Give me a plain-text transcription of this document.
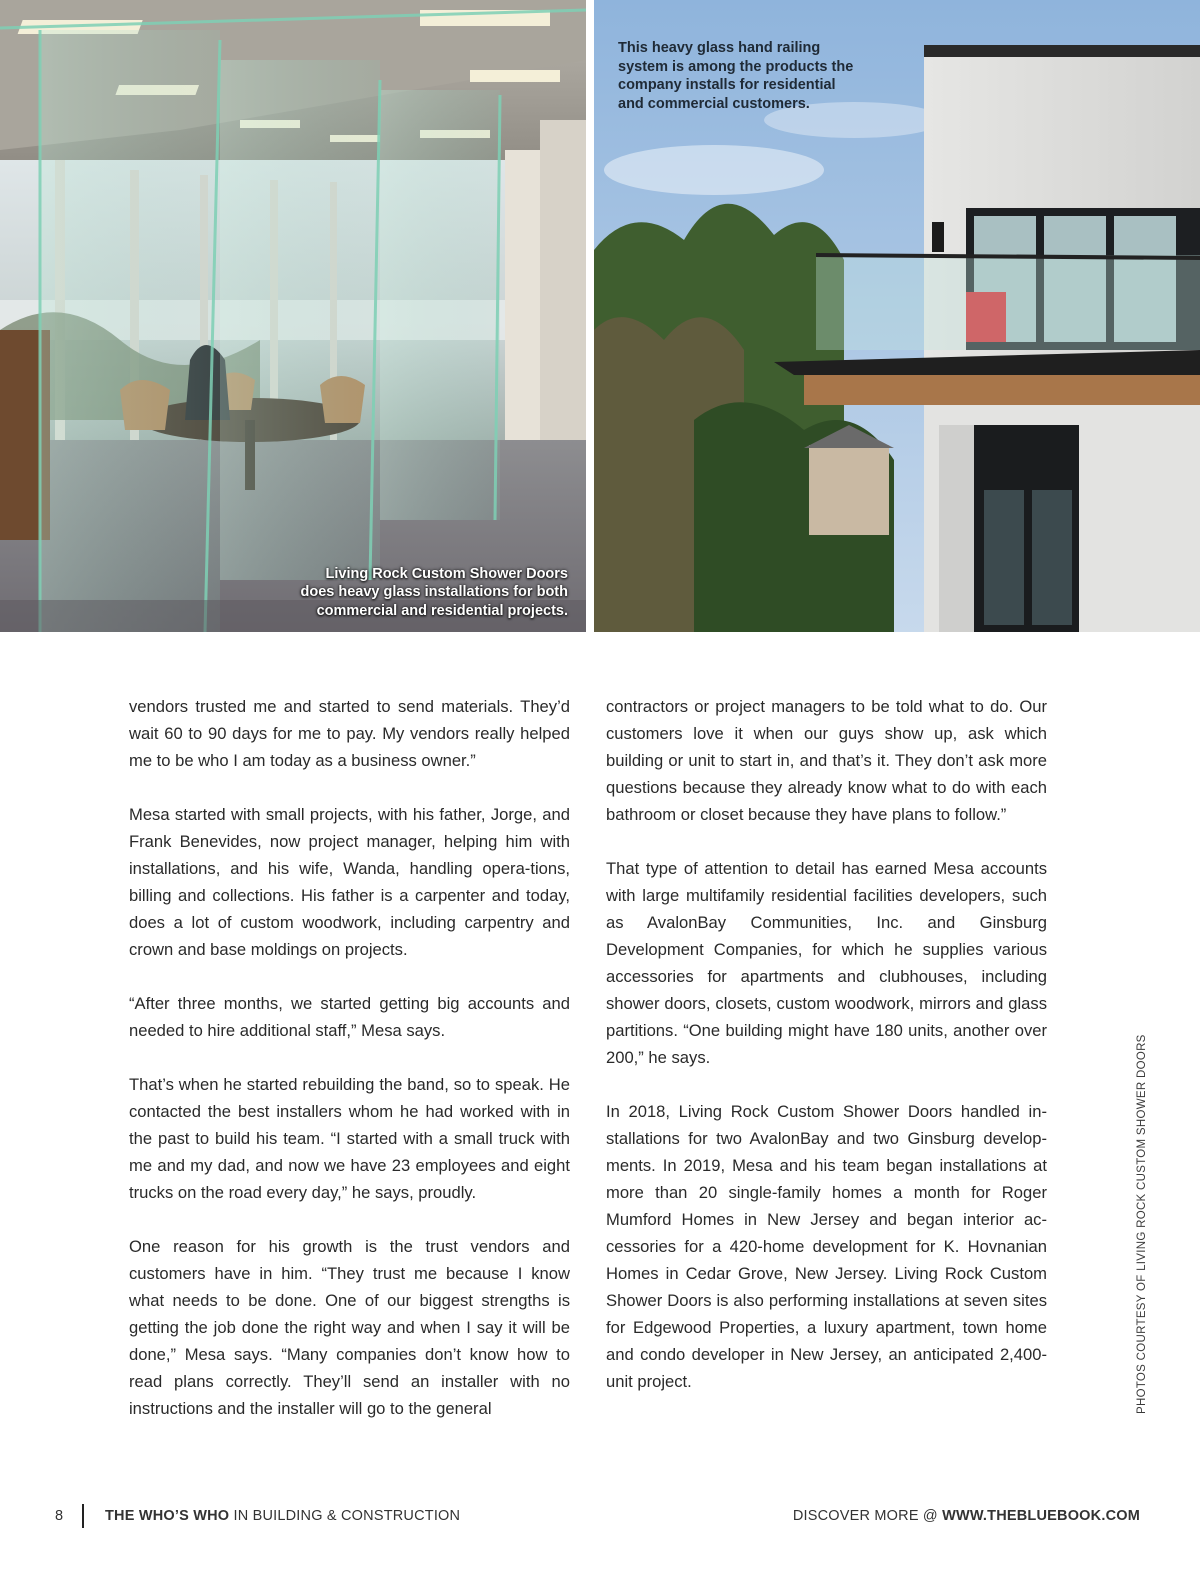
Living Rock Custom Shower Doors
does heavy glass installations for both
commercial and residential projects.
This heavy glass hand railing
system is among the products the
company installs for residential
and commercial customers.

vendors trusted me and started to send materials. They’d wait 60 to 90 days for me to pay. My vendors really helped me to be who I am today as a business owner.”

Mesa started with small projects, with his father, Jorge, and Frank Benevides, now project manager, helping him with installations, and his wife, Wanda, handling opera-tions, billing and collections. His father is a carpenter and today, does a lot of custom woodwork, including carpentry and crown and base moldings on projects.

“After three months, we started getting big accounts and needed to hire additional staff,” Mesa says.

That’s when he started rebuilding the band, so to speak. He contacted the best installers whom he had worked with in the past to build his team. “I started with a small truck with me and my dad, and now we have 23 employees and eight trucks on the road every day,” he says, proudly.

One reason for his growth is the trust vendors and customers have in him. “They trust me because I know what needs to be done. One of our biggest strengths is getting the job done the right way and when I say it will be done,” Mesa says. “Many companies don’t know how to read plans correctly. They’ll send an installer with no instructions and the installer will go to the general

contractors or project managers to be told what to do. Our customers love it when our guys show up, ask which building or unit to start in, and that’s it. They don’t ask more questions because they already know what to do with each bathroom or closet because they have plans to follow.”

That type of attention to detail has earned Mesa accounts with large multifamily residential facilities developers, such as AvalonBay Communities, Inc. and Ginsburg Development Companies, for which he supplies various accessories for apartments and clubhouses, including shower doors, closets, custom woodwork, mirrors and glass partitions. “One building might have 180 units, another over 200,” he says.

In 2018, Living Rock Custom Shower Doors handled in-stallations for two AvalonBay and two Ginsburg develop-ments. In 2019, Mesa and his team began installations at more than 20 single-family homes a month for Roger Mumford Homes in New Jersey and began interior ac-cessories for a 420-home development for K. Hovnanian Homes in Cedar Grove, New Jersey. Living Rock Custom Shower Doors is also performing installations at seven sites for Edgewood Properties, a luxury apartment, town home and condo developer in New Jersey, an anticipated 2,400-unit project.	PHOTOS COURTESY OF LIVING ROCK CUSTOM SHOWER DOORS
8	THE WHO’S WHO IN BUILDING & CONSTRUCTION	DISCOVER MORE @ WWW.THEBLUEBOOK.COM
